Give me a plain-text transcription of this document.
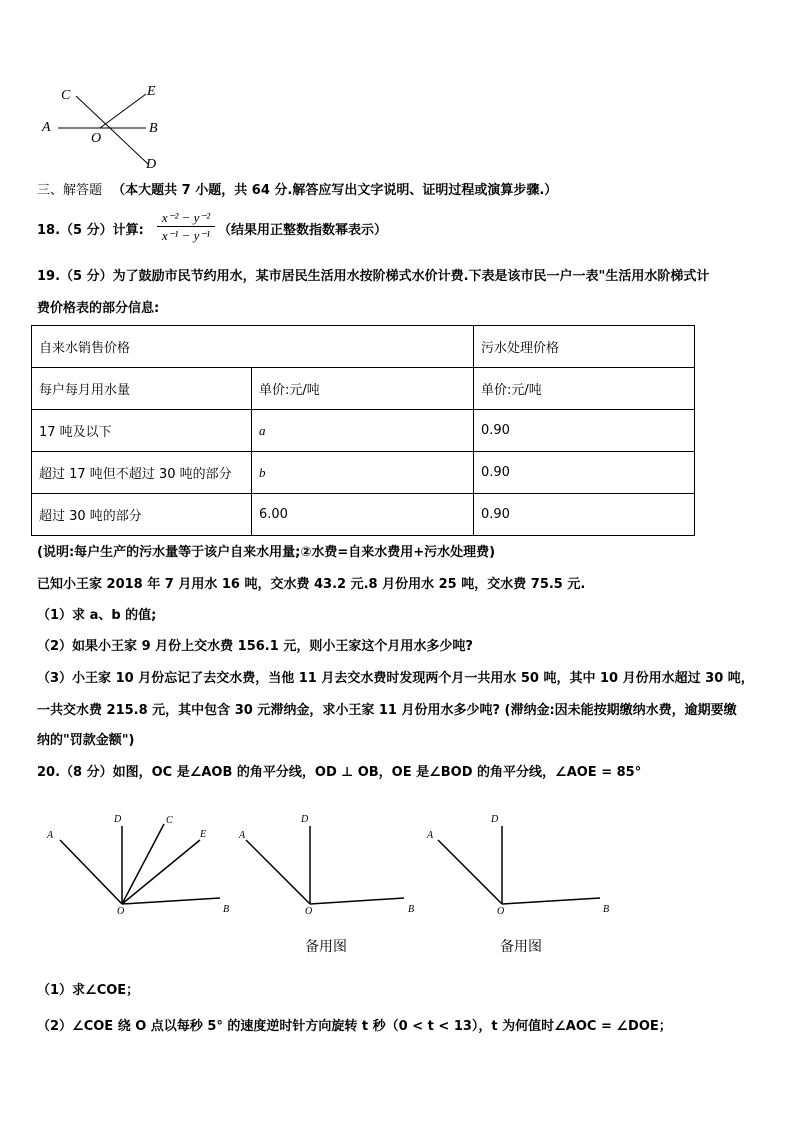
C	E
A
O
B
D
三、解答题 （本大题共 7 小题，共 64 分.解答应写出文字说明、证明过程或演算步骤.）
18.（5 分）计算:
x⁻² − y⁻²
x⁻¹ − y⁻¹ （结果用正整数指数幂表示）
19.（5 分）为了鼓励市民节约用水，某市居民生活用水按阶梯式水价计费.下表是该市民一户一表"生活用水阶梯式计
费价格表的部分信息:
自来水销售价格		污水处理价格
每户每月用水量	单价:元/吨	单价:元/吨
17 吨及以下	a	0.90
超过 17 吨但不超过 30 吨的部分	b	0.90
超过 30 吨的部分	6.00	0.90
(说明:每户生产的污水量等于该户自来水用量;②水费=自来水费用+污水处理费)
已知小王家 2018 年 7 月用水 16 吨，交水费 43.2 元.8 月份用水 25 吨，交水费 75.5 元.
（1）求 a、b 的值;
（2）如果小王家 9 月份上交水费 156.1 元，则小王家这个月用水多少吨?
（3）小王家 10 月份忘记了去交水费，当他 11 月去交水费时发现两个月一共用水 50 吨，其中 10 月份用水超过 30 吨，
一共交水费 215.8 元，其中包含 30 元滞纳金，求小王家 11 月份用水多少吨? (滞纳金:因未能按期缴纳水费，逾期要缴
纳的"罚款金额")
20.（8 分）如图，OC 是∠AOB 的角平分线，OD ⊥ OB，OE 是∠BOD 的角平分线，∠AOE = 85°
A
D	C
E
O	B
A
D
O	B
A
D
O	B
备用图	备用图
（1）求∠COE；
（2）∠COE 绕 O 点以每秒 5° 的速度逆时针方向旋转 t 秒（0 < t < 13），t 为何值时∠AOC = ∠DOE；
